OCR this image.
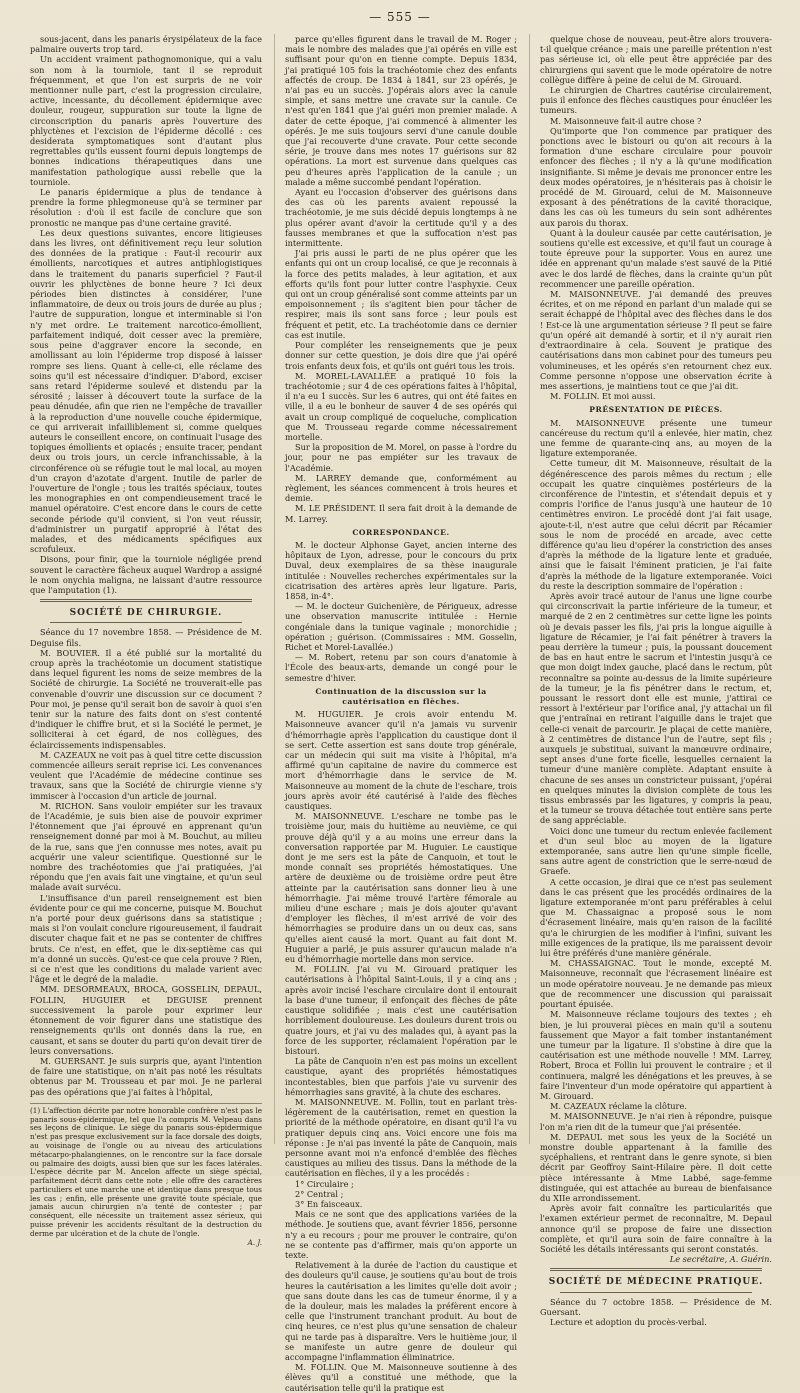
— 555 —

sous-jacent, dans les panaris érysipélateux de la face palmaire ouverts trop tard.

Un accident vraiment pathognomonique, qui a valu son nom à la tourniole, tant il se reproduit fréquemment, et que l'on est surpris de ne voir mentionner nulle part, c'est la progression circulaire, active, incessante, du décollement épidermique avec douleur, rougeur, suppuration sur toute la ligne de circonscription du panaris après l'ouverture des phlyctènes et l'excision de l'épiderme décollé : ces desiderata symptomatiques sont d'autant plus regrettables qu'ils eussent fourni depuis longtemps de bonnes indications thérapeutiques dans une manifestation pathologique aussi rebelle que la tourniole.

Le panaris épidermique a plus de tendance à prendre la forme phlegmoneuse qu'à se terminer par résolution : d'où il est facile de conclure que son pronostic ne manque pas d'une certaine gravité.

Les deux questions suivantes, encore litigieuses dans les livres, ont définitivement reçu leur solution des données de la pratique : Faut-il recourir aux émollients, narcotiques et autres antiphlogistiques dans le traitement du panaris superficiel ? Faut-il ouvrir les phlyctènes de bonne heure ? Ici deux périodes bien distinctes à considérer, l'une inflammatoire, de deux ou trois jours de durée au plus ; l'autre de suppuration, longue et interminable si l'on n'y met ordre. Le traitement narcotico-émollient, parfaitement indiqué, doit cesser avec la première, sous peine d'aggraver encore la seconde, en amollissant au loin l'épiderme trop disposé à laisser rompre ses liens. Quant à celle-ci, elle réclame des soins qu'il est nécessaire d'indiquer. D'abord, exciser sans retard l'épiderme soulevé et distendu par la sérosité ; laisser à découvert toute la surface de la peau dénudée, afin que rien ne l'empêche de travailler à la reproduction d'une nouvelle couche épidermique, ce qui arriverait infailliblement si, comme quelques auteurs le conseillent encore, on continuait l'usage des topiques émollients et opiacés ; ensuite tracer, pendant deux ou trois jours, un cercle infranchissable, à la circonférence où se réfugie tout le mal local, au moyen d'un crayon d'azotate d'argent. Inutile de parler de l'ouverture de l'ongle ; tous les traités spéciaux, toutes les monographies en ont compendieusement tracé le manuel opératoire. C'est encore dans le cours de cette seconde période qu'il convient, si l'on veut réussir, d'administrer un purgatif approprié à l'état des malades, et des médicaments spécifiques aux scrofuleux.

Disons, pour finir, que la tourniole négligée prend souvent le caractère fâcheux auquel Wardrop a assigné le nom onychia maligna, ne laissant d'autre ressource que l'amputation (1).

SOCIÉTÉ DE CHIRURGIE.

Séance du 17 novembre 1858. — Présidence de M. Deguise fils.

M. BOUVIER. Il a été publié sur la mortalité du croup après la trachéotomie un document statistique dans lequel figurent les noms de seize membres de la Société de chirurgie. La Société ne trouverait-elle pas convenable d'ouvrir une discussion sur ce document ? Pour moi, je pense qu'il serait bon de savoir à quoi s'en tenir sur la nature des faits dont on s'est contenté d'indiquer le chiffre brut, et si la Société le permet, je solliciterai à cet égard, de nos collègues, des éclaircissements indispensables.

M. CAZEAUX ne voit pas à quel titre cette discussion commencée ailleurs serait reprise ici. Les convenances veulent que l'Académie de médecine continue ses travaux, sans que la Société de chirurgie vienne s'y immiscer à l'occasion d'un article de journal.

M. RICHON. Sans vouloir empiéter sur les travaux de l'Académie, je suis bien aise de pouvoir exprimer l'étonnement que j'ai éprouvé en apprenant qu'un renseignement donné par moi à M. Bouchut, au milieu de la rue, sans que j'en connusse mes notes, avait pu acquérir une valeur scientifique. Questionné sur le nombre des trachéotomies que j'ai pratiquées, j'ai répondu que j'en avais fait une vingtaine, et qu'un seul malade avait survécu.

L'insuffisance d'un pareil renseignement est bien évidente pour ce qui me concerne, puisque M. Bouchut n'a porté pour deux guérisons dans sa statistique ; mais si l'on voulait conclure rigoureusement, il faudrait discuter chaque fait et ne pas se contenter de chiffres bruts. Ce n'est, en effet, que le dix-septième cas qui m'a donné un succès. Qu'est-ce que cela prouve ? Rien, si ce n'est que les conditions du malade varient avec l'âge et le degré de la maladie.

MM. DESORMEAUX, BROCA, GOSSELIN, DEPAUL, FOLLIN, HUGUIER et DEGUISE prennent successivement la parole pour exprimer leur étonnement de voir figurer dans une statistique des renseignements qu'ils ont donnés dans la rue, en causant, et sans se douter du parti qu'on devait tirer de leurs conversations.

M. GUERSANT. Je suis surpris que, ayant l'intention de faire une statistique, on n'ait pas noté les résultats obtenus par M. Trousseau et par moi. Je ne parlerai pas des opérations que j'ai faites à l'hôpital,

(1) L'affection décrite par notre honorable confrère n'est pas le panaris sous-épidermique, tel que l'a compris M. Velpeau dans ses leçons de clinique. Le siège du panaris sous-épidermique n'est pas presque exclusivement sur la face dorsale des doigts, au voisinage de l'ongle ou au niveau des articulations métacarpo-phalangiennes, on le rencontre sur la face dorsale ou palmaire des doigts, aussi bien que sur les faces latérales. L'espèce décrite par M. Ancelon affecte un siège spécial, parfaitement décrit dans cette note ; elle offre des caractères particuliers et une marche une et identique dans presque tous les cas ; enfin, elle présente une gravité toute spéciale, que jamais aucun chirurgien n'a tenté de contester ; par conséquent, elle nécessite un traitement assez sérieux, qui puisse prévenir les accidents résultant de la destruction du derme par ulcération et de la chute de l'ongle.
A. J.

parce qu'elles figurent dans le travail de M. Roger ; mais le nombre des malades que j'ai opérés en ville est suffisant pour qu'on en tienne compte. Depuis 1834, j'ai pratiqué 105 fois la trachéotomie chez des enfants affectés de croup. De 1834 à 1841, sur 23 opérés, je n'ai pas eu un succès. J'opérais alors avec la canule simple, et sans mettre une cravate sur la canule. Ce n'est qu'en 1841 que j'ai guéri mon premier malade. A dater de cette époque, j'ai commencé à alimenter les opérés. Je me suis toujours servi d'une canule double que j'ai recouverte d'une cravate. Pour cette seconde série, je trouve dans mes notes 17 guérisons sur 82 opérations. La mort est survenue dans quelques cas peu d'heures après l'application de la canule ; un malade a même succombé pendant l'opération.

Ayant eu l'occasion d'observer des guérisons dans des cas où les parents avaient repoussé la trachéotomie, je me suis décidé depuis longtemps à ne plus opérer avant d'avoir la certitude qu'il y a des fausses membranes et que la suffocation n'est pas intermittente.

J'ai pris aussi le parti de ne plus opérer que les enfants qui ont un croup localisé, ce que je reconnais à la force des petits malades, à leur agitation, et aux efforts qu'ils font pour lutter contre l'asphyxie. Ceux qui ont un croup généralisé sont comme atteints par un empoisonnement ; ils s'agitent bien pour tâcher de respirer, mais ils sont sans force ; leur pouls est fréquent et petit, etc. La trachéotomie dans ce dernier cas est inutile.

Pour compléter les renseignements que je peux donner sur cette question, je dois dire que j'ai opéré trois enfants deux fois, et qu'ils ont guéri tous les trois.

M. MOREL-LAVALLÉE a pratiqué 10 fois la trachéotomie ; sur 4 de ces opérations faites à l'hôpital, il n'a eu 1 succès. Sur les 6 autres, qui ont été faites en ville, il a eu le bonheur de sauver 4 de ses opérés qui avait un croup compliqué de coqueluche, complication que M. Trousseau regarde comme nécessairement mortelle.

Sur la proposition de M. Morel, on passe à l'ordre du jour, pour ne pas empiéter sur les travaux de l'Académie.

M. LARREY demande que, conformément au règlement, les séances commencent à trois heures et demie.

M. LE PRÉSIDENT. Il sera fait droit à la demande de M. Larrey.

CORRESPONDANCE.

M. le docteur Alphonse Gayet, ancien interne des hôpitaux de Lyon, adresse, pour le concours du prix Duval, deux exemplaires de sa thèse inaugurale intitulée : Nouvelles recherches expérimentales sur la cicatrisation des artères après leur ligature. Paris, 1858, in-4°.

— M. le docteur Guichenière, de Périgueux, adresse une observation manuscrite intitulée : Hernie congéniale dans la tunique vaginale ; monorchidie ; opération ; guérison. (Commissaires : MM. Gosselin, Richet et Morel-Lavallée.)

— M. Robert, retenu par son cours d'anatomie à l'École des beaux-arts, demande un congé pour le semestre d'hiver.

Continuation de la discussion sur la cautérisation en flèches.

M. HUGUIER. Je crois avoir entendu M. Maisonneuve avancer qu'il n'a jamais vu survenir d'hémorrhagie après l'application du caustique dont il se sert. Cette assertion est sans doute trop générale, car un médecin qui suit ma visite à l'hôpital, m'a affirmé qu'un capitaine de navire du commerce est mort d'hémorrhagie dans le service de M. Maisonneuve au moment de la chute de l'eschare, trois jours après avoir été cautérisé à l'aide des flèches caustiques.

M. MAISONNEUVE. L'eschare ne tombe pas le troisième jour, mais du huitième au neuvième, ce qui prouve déjà qu'il y a au moins une erreur dans la conversation rapportée par M. Huguier. Le caustique dont je me sers est la pâte de Canquoin, et tout le monde connaît ses propriétés hémostatiques. Une artère de deuxième ou de troisième ordre peut être atteinte par la cautérisation sans donner lieu à une hémorrhagie. J'ai même trouvé l'artère fémorale au milieu d'une eschare ; mais je dois ajouter qu'avant d'employer les flèches, il m'est arrivé de voir des hémorrhagies se produire dans un ou deux cas, sans qu'elles aient causé la mort. Quant au fait dont M. Huguier a parlé, je puis assurer qu'aucun malade n'a eu d'hémorrhagie mortelle dans mon service.

M. FOLLIN. J'ai vu M. Girouard pratiquer les cautérisations à l'hôpital Saint-Louis, il y a cinq ans ; après avoir incisé l'eschare circulaire dont il entourait la base d'une tumeur, il enfonçait des flèches de pâte caustique solidifiée ; mais c'est une cautérisation horriblement douloureuse. Les douleurs durent trois ou quatre jours, et j'ai vu des malades qui, à ayant pas la force de les supporter, réclamaient l'opération par le bistouri.

La pâte de Canquoin n'en est pas moins un excellent caustique, ayant des propriétés hémostatiques incontestables, bien que parfois j'aie vu survenir des hémorrhagies sans gravité, à la chute des eschares.

M. MAISONNEUVE. M. Follin, tout en parlant très-légèrement de la cautérisation, remet en question la priorité de la méthode opératoire, en disant qu'il l'a vu pratiquer depuis cinq ans. Voici encore une fois ma réponse : Je n'ai pas inventé la pâte de Canquoin, mais personne avant moi n'a enfoncé d'emblée des flèches caustiques au milieu des tissus. Dans la méthode de la cautérisation en flèches, il y a les procédés :

1° Circulaire ;

2° Central ;

3° En faisceaux.

Mais ce ne sont que des applications variées de la méthode. Je soutiens que, avant février 1856, personne n'y a eu recours ; pour me prouver le contraire, qu'on ne se contente pas d'affirmer, mais qu'on apporte un texte.

Relativement à la durée de l'action du caustique et des douleurs qu'il cause, je soutiens qu'au bout de trois heures la cautérisation a les limites qu'elle doit avoir ; que sans doute dans les cas de tumeur énorme, il y a de la douleur, mais les malades la préfèrent encore à celle que l'instrument tranchant produit. Au bout de cinq heures, ce n'est plus qu'une sensation de chaleur qui ne tarde pas à disparaître. Vers le huitième jour, il se manifeste un autre genre de douleur qui accompagne l'inflammation éliminatrice.

M. FOLLIN. Que M. Maisonneuve soutienne à des élèves qu'il a constitué une méthode, que la cautérisation telle qu'il la pratique est

quelque chose de nouveau, peut-être alors trouvera-t-il quelque créance ; mais une pareille prétention n'est pas sérieuse ici, où elle peut être appréciée par des chirurgiens qui savent que le mode opératoire de notre collègue diffère à peine de celui de M. Girouard.

Le chirurgien de Chartres cautérise circulairement, puis il enfonce des flèches caustiques pour énucléer les tumeurs.

M. Maisonneuve fait-il autre chose ?

Qu'importe que l'on commence par pratiquer des ponctions avec le bistouri ou qu'on ait recours à la formation d'une eschare circulaire pour pouvoir enfoncer des flèches ; il n'y a là qu'une modification insignifiante. Si même je devais me prononcer entre les deux modes opératoires, je n'hésiterais pas à choisir le procédé de M. Girouard, celui de M. Maisonneuve exposant à des pénétrations de la cavité thoracique, dans les cas où les tumeurs du sein sont adhérentes aux parois du thorax.

Quant à la douleur causée par cette cautérisation, je soutiens qu'elle est excessive, et qu'il faut un courage à toute épreuve pour la supporter. Vous en aurez une idée en apprenant qu'un malade s'est sauvé de la Pitié avec le dos lardé de flèches, dans la crainte qu'un pût recommencer une pareille opération.

M. MAISONNEUVE. J'ai demandé des preuves écrites, et on me répond en parlant d'un malade qui se serait échappé de l'hôpital avec des flèches dans le dos ! Est-ce là une argumentation sérieuse ? Il peut se faire qu'un opéré ait demandé à sortir, et il n'y aurait rien d'extraordinaire à cela. Souvent je pratique des cautérisations dans mon cabinet pour des tumeurs peu volumineuses, et les opérés s'en retournent chez eux. Comme personne n'oppose une observation écrite à mes assertions, je maintiens tout ce que j'ai dit.

M. FOLLIN. Et moi aussi.

PRÉSENTATION DE PIÈCES.

M. MAISONNEUVE présente une tumeur cancéreuse du rectum qu'il a enlevée, hier matin, chez une femme de quarante-cinq ans, au moyen de la ligature extemporanée.

Cette tumeur, dit M. Maisonneuve, résultait de la dégénérescence des parois mêmes du rectum ; elle occupait les quatre cinquièmes postérieurs de la circonférence de l'intestin, et s'étendait depuis et y compris l'orifice de l'anus jusqu'à une hauteur de 10 centimètres environ. Le procédé dont j'ai fait usage, ajoute-t-il, n'est autre que celui décrit par Récamier sous le nom de procédé en arcade, avec cette différence qu'au lieu d'opérer la constriction des anses d'après la méthode de la ligature lente et graduée, ainsi que le faisait l'éminent praticien, je l'ai faite d'après la méthode de la ligature extemporanée. Voici du reste la description sommaire de l'opération :

Après avoir tracé autour de l'anus une ligne courbe qui circonscrivait la partie inférieure de la tumeur, et marqué de 2 en 2 centimètres sur cette ligne les points où je devais passer les fils, j'ai pris la longue aiguille à ligature de Récamier, je l'ai fait pénétrer à travers la peau derrière la tumeur ; puis, la poussant doucement de bas en haut entre le sacrum et l'intestin jusqu'à ce que mon doigt index gauche, placé dans le rectum, pût reconnaître sa pointe au-dessus de la limite supérieure de la tumeur, je la fis pénétrer dans le rectum, et, poussant le ressort dont elle est munie, j'attirai ce ressort à l'extérieur par l'orifice anal, j'y attachai un fil que j'entraînai en retirant l'aiguille dans le trajet que celle-ci venait de parcourir. Je plaçai de cette manière, à 2 centimètres de distance l'un de l'autre, sept fils ; auxquels je substituai, suivant la manœuvre ordinaire, sept anses d'une forte ficelle, lesquelles cernaient la tumeur d'une manière complète. Adaptant ensuite à chacune de ses anses un constricteur puissant, j'opérai en quelques minutes la division complète de tous les tissus embrassés par les ligatures, y compris la peau, et la tumeur se trouva détachée tout entière sans perte de sang appréciable.

Voici donc une tumeur du rectum enlevée facilement et d'un seul bloc au moyen de la ligature extemporanée, sans autre lien qu'une simple ficelle, sans autre agent de constriction que le serre-nœud de Graefe.

A cette occasion, je dirai que ce n'est pas seulement dans le cas présent que les procédés ordinaires de la ligature extemporanée m'ont paru préférables à celui que M. Chassaignac a proposé sous le nom d'écrasement linéaire, mais qu'en raison de la facilité qu'a le chirurgien de les modifier à l'infini, suivant les mille exigences de la pratique, ils me paraissent devoir lui être préférés d'une manière générale.

M. CHASSAIGNAC. Tout le monde, excepté M. Maisonneuve, reconnaît que l'écrasement linéaire est un mode opératoire nouveau. Je ne demande pas mieux que de recommencer une discussion qui paraissait pourtant épuisée.

M. Maisonneuve réclame toujours des textes ; eh bien, je lui prouverai pièces en main qu'il a soutenu faussement que Mayor a fait tomber instantanément une tumeur par la ligature. Il s'obstine à dire que la cautérisation est une méthode nouvelle ! MM. Larrey, Robert, Broca et Follin lui prouvent le contraire ; et il continuera, malgré les dénégations et les preuves, à se faire l'inventeur d'un mode opératoire qui appartient à M. Girouard.

M. CAZEAUX réclame la clôture.

M. MAISONNEUVE. Je n'ai rien à répondre, puisque l'on m'a rien dit de la tumeur que j'ai présentée.

M. DEPAUL met sous les yeux de la Société un monstre double appartenant à la famille des sycéphaliens, et rentrant dans le genre synote, si bien décrit par Geoffroy Saint-Hilaire père. Il doit cette pièce intéressante à Mme Labbé, sage-femme distinguée, qui est attachée au bureau de bienfaisance du XIIe arrondissement.

Après avoir fait connaître les particularités que l'examen extérieur permet de reconnaître, M. Depaul annonce qu'il se propose de faire une dissection complète, et qu'il aura soin de faire connaître à la Société les détails intéressants qui seront constatés.

Le secrétaire, A. Guérin.
SOCIÉTÉ DE MÉDECINE PRATIQUE.

Séance du 7 octobre 1858. — Présidence de M. Guersant.

Lecture et adoption du procès-verbal.
